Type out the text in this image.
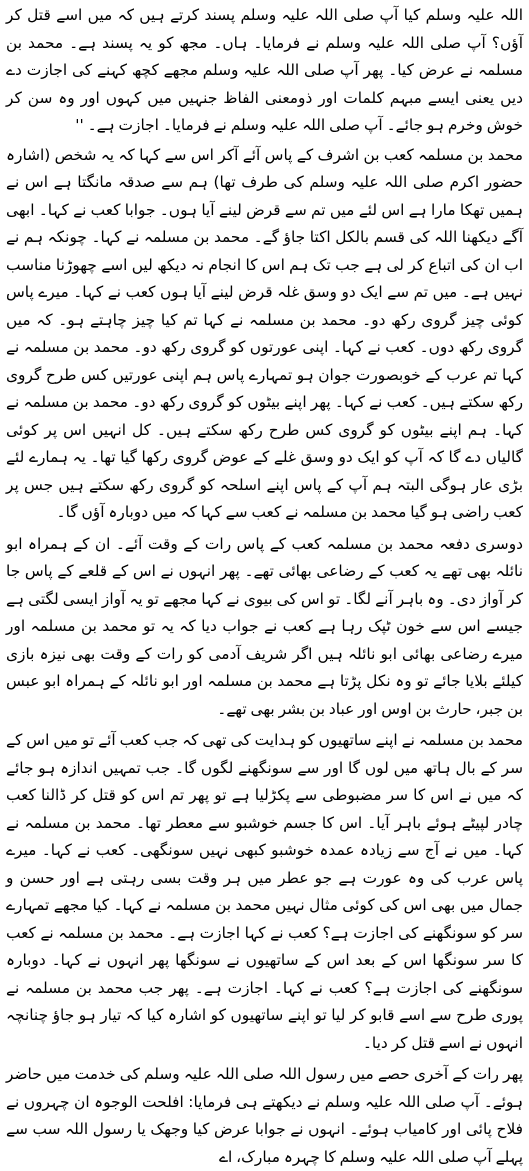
اللہ علیہ وسلم کیا آپ صلی اللہ علیہ وسلم پسند کرتے ہیں کہ میں اسے قتل کر آؤں؟ آپ صلی اللہ علیہ وسلم نے فرمایا۔ ہاں۔ مجھ کو یہ پسند ہے۔ محمد بن مسلمہ نے عرض کیا۔ پھر آپ صلی اللہ علیہ وسلم مجھے کچھ کہنے کی اجازت دے دیں یعنی ایسے مبہم کلمات اور ذومعنی الفاظ جنہیں میں کہوں اور وہ سن کر خوش وخرم ہو جائے۔ آپ صلی اللہ علیہ وسلم نے فرمایا۔ اجازت ہے۔ ''

محمد بن مسلمہ کعب بن اشرف کے پاس آئے آکر اس سے کہا کہ یہ شخص (اشارہ حضور اکرم صلی اللہ علیہ وسلم کی طرف تھا) ہم سے صدقہ مانگتا ہے اس نے ہمیں تھکا مارا ہے اس لئے میں تم سے قرض لینے آیا ہوں۔ جوابا کعب نے کہا۔ ابھی آگے دیکھنا اللہ کی قسم بالکل اکتا جاؤ گے۔ محمد بن مسلمہ نے کہا۔ چونکہ ہم نے اب ان کی اتباع کر لی ہے جب تک ہم اس کا انجام نہ دیکھ لیں اسے چھوڑنا مناسب نہیں ہے۔ میں تم سے ایک دو وسق غلہ قرض لینے آیا ہوں کعب نے کہا۔ میرے پاس کوئی چیز گروی رکھ دو۔ محمد بن مسلمہ نے کہا تم کیا چیز چاہتے ہو۔ کہ میں گروی رکھ دوں۔ کعب نے کہا۔ اپنی عورتوں کو گروی رکھ دو۔ محمد بن مسلمہ نے کہا تم عرب کے خوبصورت جوان ہو تمہارے پاس ہم اپنی عورتیں کس طرح گروی رکھ سکتے ہیں۔ کعب نے کہا۔ پھر اپنے بیٹوں کو گروی رکھ دو۔ محمد بن مسلمہ نے کہا۔ ہم اپنے بیٹوں کو گروی کس طرح رکھ سکتے ہیں۔ کل انہیں اس پر کوئی گالیاں دے گا کہ آپ کو ایک دو وسق غلے کے عوض گروی رکھا گیا تھا۔ یہ ہمارے لئے بڑی عار ہوگی البتہ ہم آپ کے پاس اپنے اسلحہ کو گروی رکھ سکتے ہیں جس پر کعب راضی ہو گیا محمد بن مسلمہ نے کعب سے کہا کہ میں دوبارہ آؤں گا۔

دوسری دفعہ محمد بن مسلمہ کعب کے پاس رات کے وقت آئے۔ ان کے ہمراہ ابو نائلہ بھی تھے یہ کعب کے رضاعی بھائی تھے۔ پھر انہوں نے اس کے قلعے کے پاس جا کر آواز دی۔ وہ باہر آنے لگا۔ تو اس کی بیوی نے کہا مجھے تو یہ آواز ایسی لگتی ہے جیسے اس سے خون ٹپک رہا ہے کعب نے جواب دیا کہ یہ تو محمد بن مسلمہ اور میرے رضاعی بھائی ابو نائلہ ہیں اگر شریف آدمی کو رات کے وقت بھی نیزہ بازی کیلئے بلایا جائے تو وہ نکل پڑتا ہے محمد بن مسلمہ اور ابو نائلہ کے ہمراہ ابو عبس بن جبر، حارث بن اوس اور عباد بن بشر بھی تھے۔

محمد بن مسلمہ نے اپنے ساتھیوں کو ہدایت کی تھی کہ جب کعب آئے تو میں اس کے سر کے بال ہاتھ میں لوں گا اور سے سونگھنے لگوں گا۔ جب تمہیں اندازہ ہو جائے کہ میں نے اس کا سر مضبوطی سے پکڑلیا ہے تو پھر تم اس کو قتل کر ڈالنا کعب چادر لپیٹے ہوئے باہر آیا۔ اس کا جسم خوشبو سے معطر تھا۔ محمد بن مسلمہ نے کہا۔ میں نے آج سے زیادہ عمدہ خوشبو کبھی نہیں سونگھی۔ کعب نے کہا۔ میرے پاس عرب کی وہ عورت ہے جو عطر میں ہر وقت بسی رہتی ہے اور حسن و جمال میں بھی اس کی کوئی مثال نہیں محمد بن مسلمہ نے کہا۔ کیا مجھے تمہارے سر کو سونگھنے کی اجازت ہے؟ کعب نے کہا اجازت ہے۔ محمد بن مسلمہ نے کعب کا سر سونگھا اس کے بعد اس کے ساتھیوں نے سونگھا پھر انہوں نے کہا۔ دوبارہ سونگھنے کی اجازت ہے؟ کعب نے کہا۔ اجازت ہے۔ پھر جب محمد بن مسلمہ نے پوری طرح سے اسے قابو کر لیا تو اپنے ساتھیوں کو اشارہ کیا کہ تیار ہو جاؤ چنانچہ انہوں نے اسے قتل کر دیا۔

پھر رات کے آخری حصے میں رسول اللہ صلی اللہ علیہ وسلم کی خدمت میں حاضر ہوئے۔ آپ صلی اللہ علیہ وسلم نے دیکھتے ہی فرمایا: افلحت الوجوہ ان چہروں نے فلاح پائی اور کامیاب ہوئے۔ انہوں نے جوابا عرض کیا وجھک یا رسول اللہ سب سے پہلے آپ صلی اللہ علیہ وسلم کا چہرہ مبارک، اے
